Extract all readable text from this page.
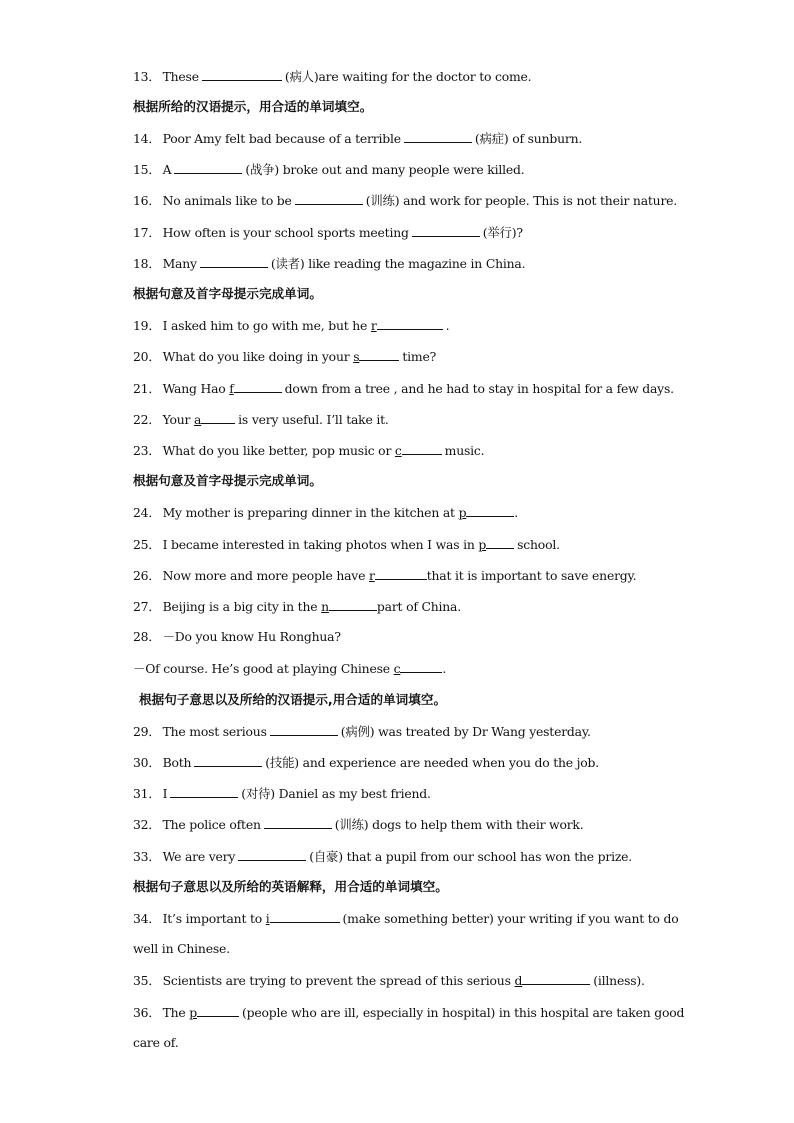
13． These	(病人)are waiting for the doctor to come.
根据所给的汉语提示，用合适的单词填空。
14． Poor Amy felt bad because of a terrible	(病症) of sunburn.
15． A	(战争) broke out and many people were killed.
16． No animals like to be	(训练) and work for people. This is not their nature.
17． How often is your school sports meeting	(举行)?
18． Many	(读者) like reading the magazine in China.
根据句意及首字母提示完成单词。
19． I asked him to go with me, but he r	.
20． What do you like doing in your s	time?
21． Wang Hao f	down from a tree , and he had to stay in hospital for a few days.
22． Your a	is very useful. I’ll take it.
23． What do you like better, pop music or c	music.
根据句意及首字母提示完成单词。
24． My mother is preparing dinner in the kitchen at p	.
25． I became interested in taking photos when I was in p	school.
26． Now more and more people have r	that it is important to save energy.
27． Beijing is a big city in the n	part of China.
28． －Do you know Hu Ronghua?
－Of course. He’s good at playing Chinese c	.
根据句子意思以及所给的汉语提示,用合适的单词填空。
29． The most serious	(病例) was treated by Dr Wang yesterday.
30． Both	(技能) and experience are needed when you do the job.
31． I	(对待) Daniel as my best friend.
32． The police often	(训练) dogs to help them with their work.
33． We are very	(自豪) that a pupil from our school has won the prize.
根据句子意思以及所给的英语解释，用合适的单词填空。
34． It’s important to i	(make something better) your writing if you want to do
well in Chinese.
35． Scientists are trying to prevent the spread of this serious d	(illness).
36． The p	(people who are ill, especially in hospital) in this hospital are taken good
care of.
